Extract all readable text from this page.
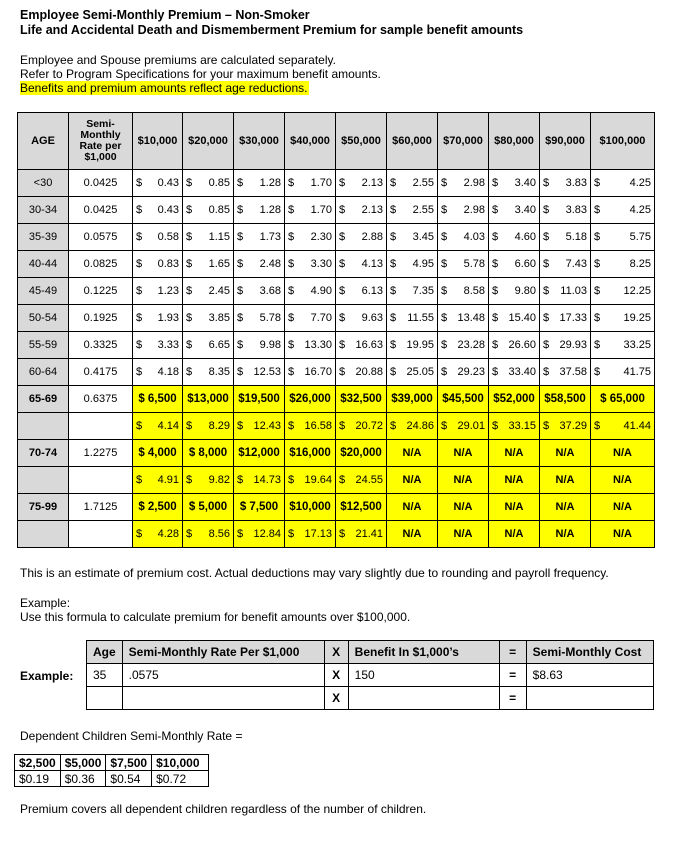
Employee Semi-Monthly Premium – Non-Smoker
Life and Accidental Death and Dismemberment Premium for sample benefit amounts
Employee and Spouse premiums are calculated separately.
Refer to Program Specifications for your maximum benefit amounts.
Benefits and premium amounts reflect age reductions.
AGE	Semi-
Monthly
Rate per
$1,000	$10,000	$20,000	$30,000	$40,000	$50,000	$60,000	$70,000	$80,000	$90,000	$100,000
<30	0.0425	$ 0.43	$ 0.85	$ 1.28	$ 1.70	$ 2.13	$ 2.55	$ 2.98	$ 3.40	$ 3.83	$ 4.25

30-34	0.0425	$ 0.43	$ 0.85	$ 1.28	$ 1.70	$ 2.13	$ 2.55	$ 2.98	$ 3.40	$ 3.83	$ 4.25

35-39	0.0575	$ 0.58	$ 1.15	$ 1.73	$ 2.30	$ 2.88	$ 3.45	$ 4.03	$ 4.60	$ 5.18	$ 5.75

40-44	0.0825	$ 0.83	$ 1.65	$ 2.48	$ 3.30	$ 4.13	$ 4.95	$ 5.78	$ 6.60	$ 7.43	$ 8.25

45-49	0.1225	$ 1.23	$ 2.45	$ 3.68	$ 4.90	$ 6.13	$ 7.35	$ 8.58	$ 9.80	$ 11.03	$ 12.25

50-54	0.1925	$ 1.93	$ 3.85	$ 5.78	$ 7.70	$ 9.63	$ 11.55	$ 13.48	$ 15.40	$ 17.33	$ 19.25

55-59	0.3325	$ 3.33	$ 6.65	$ 9.98	$ 13.30	$ 16.63	$ 19.95	$ 23.28	$ 26.60	$ 29.93	$ 33.25

60-64	0.4175	$ 4.18	$ 8.35	$ 12.53	$ 16.70	$ 20.88	$ 25.05	$ 29.23	$ 33.40	$ 37.58	$ 41.75

65-69	0.6375	$ 6,500	$13,000	$19,500	$26,000	$32,500	$39,000	$45,500	$52,000	$58,500	$ 65,000

		$ 4.14	$ 8.29	$ 12.43	$ 16.58	$ 20.72	$ 24.86	$ 29.01	$ 33.15	$ 37.29	$ 41.44

70-74	1.2275	$ 4,000	$ 8,000	$12,000	$16,000	$20,000	N/A	N/A	N/A	N/A	N/A

		$ 4.91	$ 9.82	$ 14.73	$ 19.64	$ 24.55	N/A	N/A	N/A	N/A	N/A
75-99	1.7125	$ 2,500	$ 5,000	$ 7,500	$10,000	$12,500	N/A	N/A	N/A	N/A	N/A

		$ 4.28	$ 8.56	$ 12.84	$ 17.13	$ 21.41	N/A	N/A	N/A	N/A	N/A
This is an estimate of premium cost. Actual deductions may vary slightly due to rounding and payroll frequency.
Example:
Use this formula to calculate premium for benefit amounts over $100,000.
Example:
Age	Semi-Monthly Rate Per $1,000	X	Benefit In $1,000’s	=	Semi-Monthly Cost
35	.0575	X	150	=	$8.63
		X		=	
Dependent Children Semi-Monthly Rate =
$2,500	$5,000	$7,500	$10,000
$0.19	$0.36	$0.54	$0.72
Premium covers all dependent children regardless of the number of children.
